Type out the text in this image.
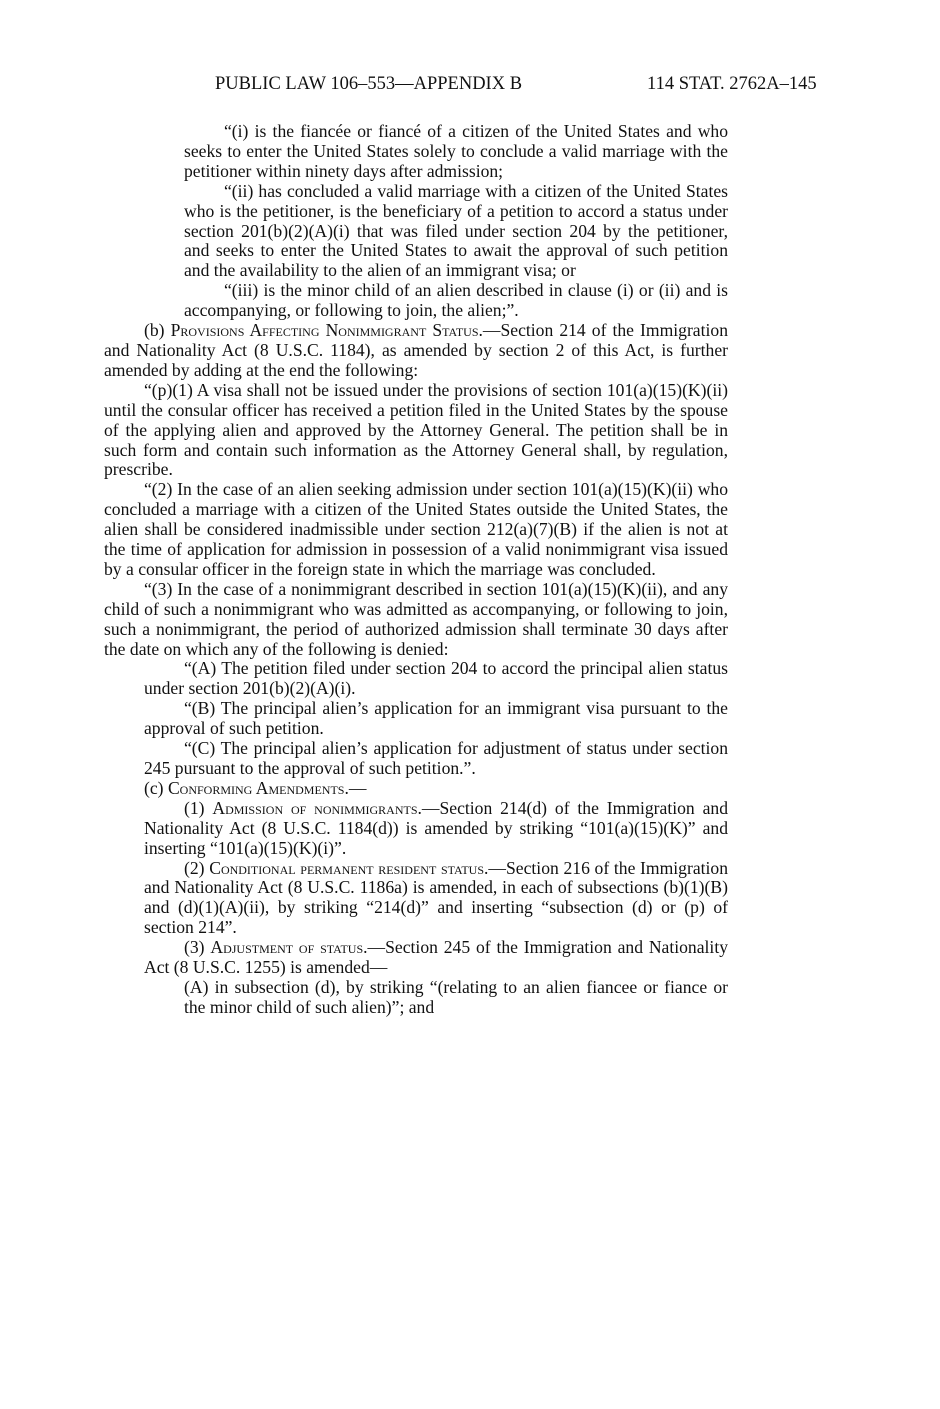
PUBLIC LAW 106–553—APPENDIX B	114 STAT. 2762A–145

“(i) is the fiancée or fiancé of a citizen of the United States and who seeks to enter the United States solely to conclude a valid marriage with the petitioner within ninety days after admission;

“(ii) has concluded a valid marriage with a citizen of the United States who is the petitioner, is the beneficiary of a petition to accord a status under section 201(b)(2)(A)(i) that was filed under section 204 by the petitioner, and seeks to enter the United States to await the approval of such petition and the availability to the alien of an immigrant visa; or

“(iii) is the minor child of an alien described in clause (i) or (ii) and is accompanying, or following to join, the alien;”.

(b) Provisions Affecting Nonimmigrant Status.—Section 214 of the Immigration and Nationality Act (8 U.S.C. 1184), as amended by section 2 of this Act, is further amended by adding at the end the following:

“(p)(1) A visa shall not be issued under the provisions of section 101(a)(15)(K)(ii) until the consular officer has received a petition filed in the United States by the spouse of the applying alien and approved by the Attorney General. The petition shall be in such form and contain such information as the Attorney General shall, by regulation, prescribe.

“(2) In the case of an alien seeking admission under section 101(a)(15)(K)(ii) who concluded a marriage with a citizen of the United States outside the United States, the alien shall be considered inadmissible under section 212(a)(7)(B) if the alien is not at the time of application for admission in possession of a valid nonimmigrant visa issued by a consular officer in the foreign state in which the marriage was concluded.

“(3) In the case of a nonimmigrant described in section 101(a)(15)(K)(ii), and any child of such a nonimmigrant who was admitted as accompanying, or following to join, such a nonimmigrant, the period of authorized admission shall terminate 30 days after the date on which any of the following is denied:

“(A) The petition filed under section 204 to accord the principal alien status under section 201(b)(2)(A)(i).

“(B) The principal alien’s application for an immigrant visa pursuant to the approval of such petition.

“(C) The principal alien’s application for adjustment of status under section 245 pursuant to the approval of such petition.”.

(c) Conforming Amendments.—

(1) Admission of nonimmigrants.—Section 214(d) of the Immigration and Nationality Act (8 U.S.C. 1184(d)) is amended by striking “101(a)(15)(K)” and inserting “101(a)(15)(K)(i)”.

(2) Conditional permanent resident status.—Section 216 of the Immigration and Nationality Act (8 U.S.C. 1186a) is amended, in each of subsections (b)(1)(B) and (d)(1)(A)(ii), by striking “214(d)” and inserting “subsection (d) or (p) of section 214”.

(3) Adjustment of status.—Section 245 of the Immigration and Nationality Act (8 U.S.C. 1255) is amended—

(A) in subsection (d), by striking “(relating to an alien fiancee or fiance or the minor child of such alien)”; and
